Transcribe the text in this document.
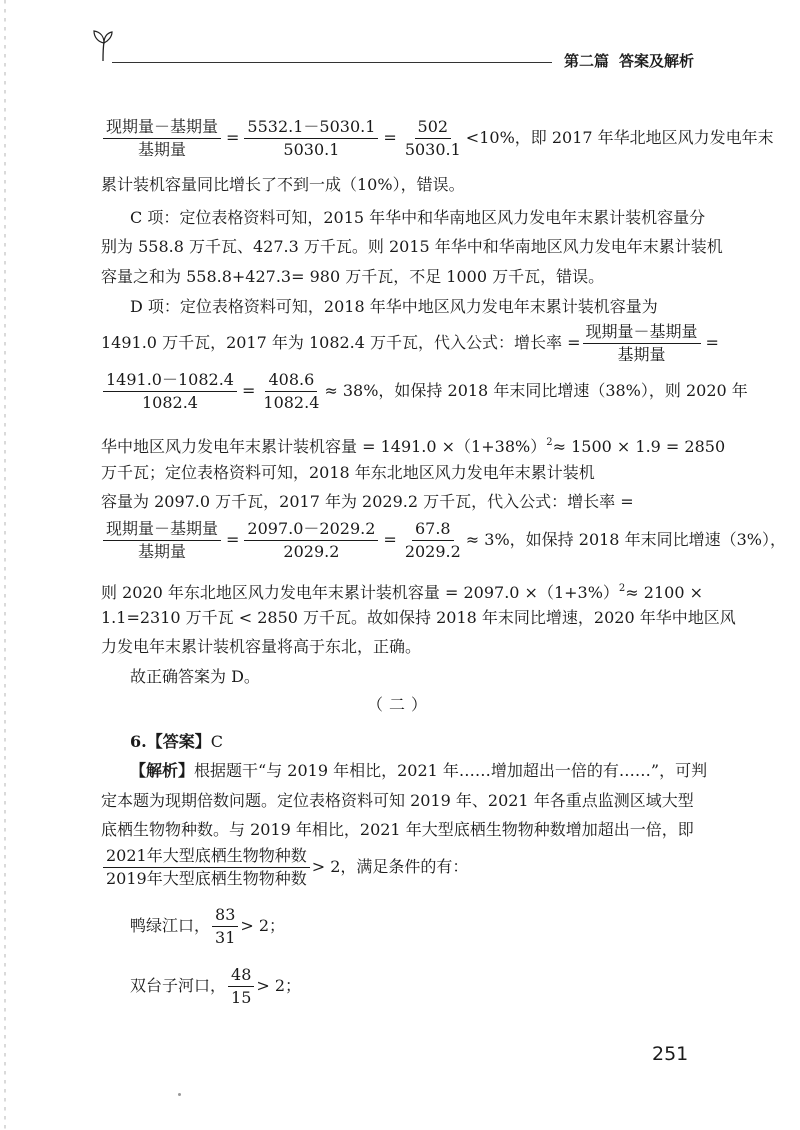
第二篇 答案及解析
$\frac{\text{现期量－基期量}}{\text{基期量}} = \frac{5532.1-5030.1}{5030.1} = \frac{502}{5030.1} <10\%$，即 2017 年华北地区风力发电年末
累计装机容量同比增长了不到一成（10%），错误。
C 项：定位表格资料可知，2015 年华中和华南地区风力发电年末累计装机容量分
别为 558.8 万千瓦、427.3 万千瓦。则 2015 年华中和华南地区风力发电年末累计装机
容量之和为 558.8+427.3= 980 万千瓦，不足 1000 万千瓦，错误。
D 项：定位表格资料可知，2018 年华中地区风力发电年末累计装机容量为
1491.0 万千瓦，2017 年为 1082.4 万千瓦，代入公式：增长率 = $\frac{\text{现期量－基期量}}{\text{基期量}}$ =
$\frac{1491.0-1082.4}{1082.4} = \frac{408.6}{1082.4} \approx 38\%$，如保持 2018 年末同比增速（38%），则 2020 年
华中地区风力发电年末累计装机容量 = $1491.0 \times(1+38\%)^2\approx 1500 \times 1.9 = 2850$
万千瓦；定位表格资料可知，2018 年东北地区风力发电年末累计装机
容量为 2097.0 万千瓦，2017 年为 2029.2 万千瓦，代入公式：增长率 =
$\frac{\text{现期量－基期量}}{\text{基期量}} = \frac{2097.0-2029.2}{2029.2} = \frac{67.8}{2029.2} \approx 3\%$，如保持 2018 年末同比增速（3%），
则 2020 年东北地区风力发电年末累计装机容量 = $2097.0 \times(1+3\%)^2\approx 2100$ ×
1.1=2310 万千瓦 < 2850 万千瓦。故如保持 2018 年末同比增速，2020 年华中地区风
力发电年末累计装机容量将高于东北，正确。
故正确答案为 D。
（二）
6.【答案】C
【解析】根据题干“与 2019 年相比，2021 年……增加超出一倍的有……”，可判
定本题为现期倍数问题。定位表格资料可知 2019 年、2021 年各重点监测区域大型
底栖生物物种数。与 2019 年相比，2021 年大型底栖生物物种数增加超出一倍，即
$\frac{\text{2021年大型底栖生物物种数}}{\text{2019年大型底栖生物物种数}} > 2$，满足条件的有：
鸭绿江口， $\frac{83}{31} > 2$；
双台子河口， $\frac{48}{15} > 2$；
251
